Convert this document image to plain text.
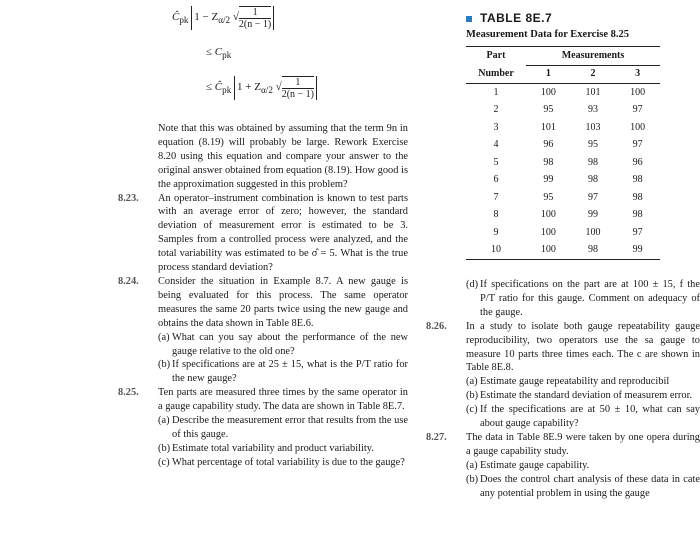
$Ĉ_{pk}$ $1 - Z_{\alpha/2}$ √ $\frac{1}{2(n - 1)}$
≤ $C_{pk}$
≤ $Ĉ_{pk}$ $1 + Z_{\alpha/2}$ √ $\frac{1}{2(n - 1)}$

Note that this was obtained by assuming that the term 9n in equation (8.19) will probably be large. Rework Exercise 8.20 using this equation and compare your answer to the original answer obtained from equation (8.19). How good is the approximation suggested in this problem?

8.23. An operator–instrument combination is known to test parts with an average error of zero; however, the standard deviation of measurement error is estimated to be 3. Samples from a controlled process were analyzed, and the total variability was estimated to be σ̂ = 5. What is the true process standard deviation?

8.24. Consider the situation in Example 8.7. A new gauge is being evaluated for this process. The same operator measures the same 20 parts twice using the new gauge and obtains the data shown in Table 8E.6.

(a) What can you say about the performance of the new gauge relative to the old one?
(b) If specifications are at 25 ± 15, what is the P/T ratio for the new gauge?
8.25. Ten parts are measured three times by the same operator in a gauge capability study. The data are shown in Table 8E.7.

(a) Describe the measurement error that results from the use of this gauge.
(b) Estimate total variability and product variability.
(c) What percentage of total variability is due to the gauge?
TABLE 8E.7
Measurement Data for Exercise 8.25
Part	Measurements		
Number	1	2	3
1	100	101	100
2	95	93	97
3	101	103	100
4	96	95	97
5	98	98	96
6	99	98	98
7	95	97	98
8	100	99	98
9	100	100	97
10	100	98	99
(d) If specifications on the part are at 100 ± 15, f the P/T ratio for this gauge. Comment on adequacy of the gauge.
8.26. In a study to isolate both gauge repeatability gauge reproducibility, two operators use the sa gauge to measure 10 parts three times each. The c are shown in Table 8E.8.

(a) Estimate gauge repeatability and reproducibil
(b) Estimate the standard deviation of measurem error.
(c) If the specifications are at 50 ± 10, what can say about gauge capability?
8.27. The data in Table 8E.9 were taken by one opera during a gauge capability study.

(a) Estimate gauge capability.
(b) Does the control chart analysis of these data in cate any potential problem in using the gauge
